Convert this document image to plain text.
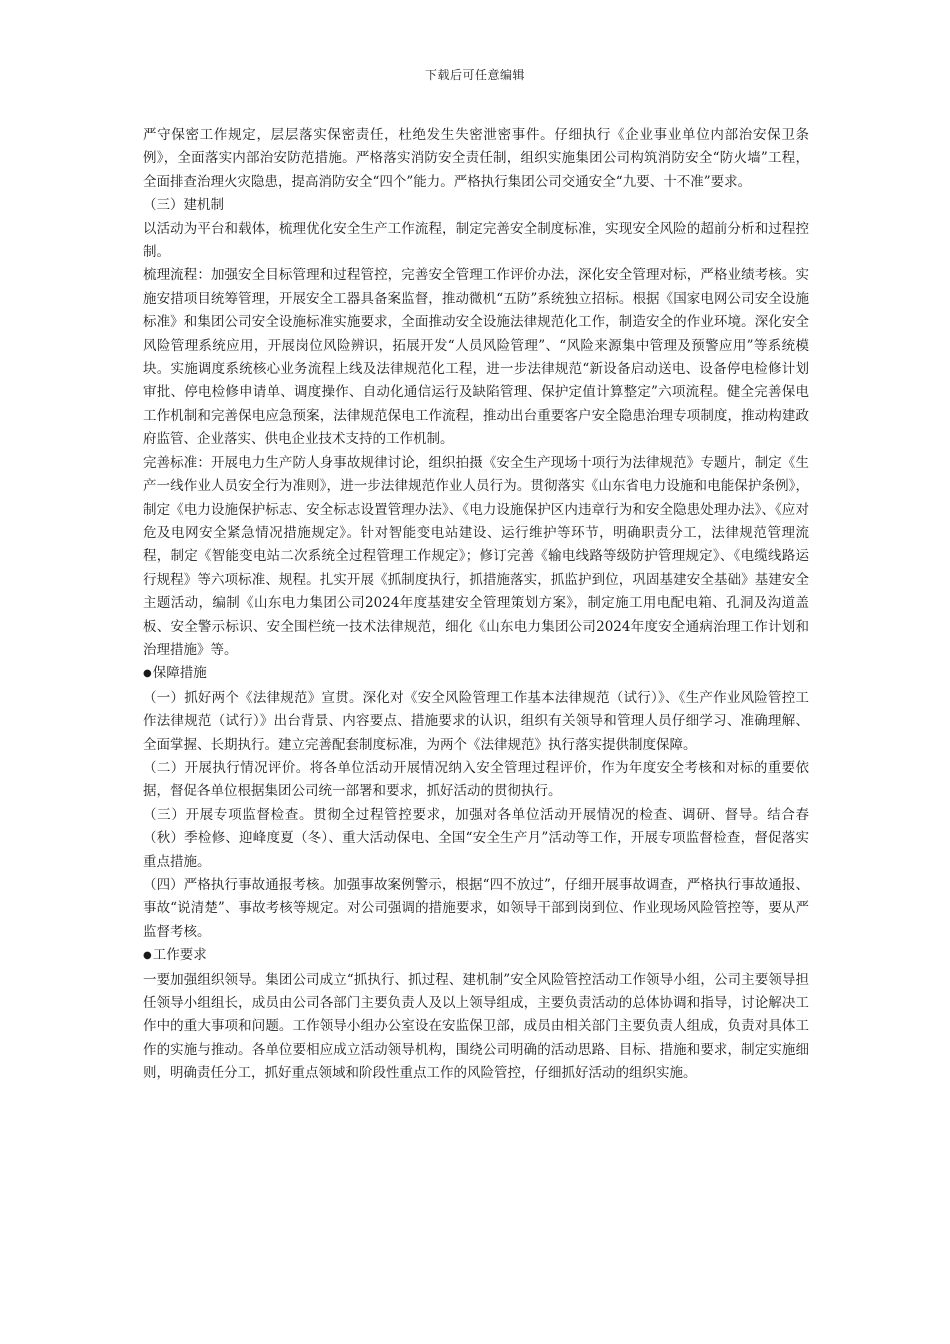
下载后可任意编辑

严守保密工作规定，层层落实保密责任，杜绝发生失密泄密事件。仔细执行《企业事业单位内部治安保卫条例》，全面落实内部治安防范措施。严格落实消防安全责任制，组织实施集团公司构筑消防安全“防火墙”工程，全面排查治理火灾隐患，提高消防安全“四个”能力。严格执行集团公司交通安全“九要、十不准”要求。

（三）建机制

以活动为平台和载体，梳理优化安全生产工作流程，制定完善安全制度标准，实现安全风险的超前分析和过程控制。

梳理流程：加强安全目标管理和过程管控，完善安全管理工作评价办法，深化安全管理对标，严格业绩考核。实施安措项目统筹管理，开展安全工器具备案监督，推动微机“五防”系统独立招标。根据《国家电网公司安全设施标准》和集团公司安全设施标准实施要求，全面推动安全设施法律规范化工作，制造安全的作业环境。深化安全风险管理系统应用，开展岗位风险辨识，拓展开发“人员风险管理”、“风险来源集中管理及预警应用”等系统模块。实施调度系统核心业务流程上线及法律规范化工程，进一步法律规范“新设备启动送电、设备停电检修计划审批、停电检修申请单、调度操作、自动化通信运行及缺陷管理、保护定值计算整定”六项流程。健全完善保电工作机制和完善保电应急预案，法律规范保电工作流程，推动出台重要客户安全隐患治理专项制度，推动构建政府监管、企业落实、供电企业技术支持的工作机制。

完善标准：开展电力生产防人身事故规律讨论，组织拍摄《安全生产现场十项行为法律规范》专题片，制定《生产一线作业人员安全行为准则》，进一步法律规范作业人员行为。贯彻落实《山东省电力设施和电能保护条例》，制定《电力设施保护标志、安全标志设置管理办法》、《电力设施保护区内违章行为和安全隐患处理办法》、《应对危及电网安全紧急情况措施规定》。针对智能变电站建设、运行维护等环节，明确职责分工，法律规范管理流程，制定《智能变电站二次系统全过程管理工作规定》；修订完善《输电线路等级防护管理规定》、《电缆线路运行规程》等六项标准、规程。扎实开展《抓制度执行，抓措施落实，抓监护到位，巩固基建安全基础》基建安全主题活动，编制《山东电力集团公司2024年度基建安全管理策划方案》，制定施工用电配电箱、孔洞及沟道盖板、安全警示标识、安全围栏统一技术法律规范，细化《山东电力集团公司2024年度安全通病治理工作计划和治理措施》等。

● 保障措施

（一）抓好两个《法律规范》宣贯。深化对《安全风险管理工作基本法律规范（试行）》、《生产作业风险管控工作法律规范（试行）》出台背景、内容要点、措施要求的认识，组织有关领导和管理人员仔细学习、准确理解、全面掌握、长期执行。建立完善配套制度标准，为两个《法律规范》执行落实提供制度保障。

（二）开展执行情况评价。将各单位活动开展情况纳入安全管理过程评价，作为年度安全考核和对标的重要依据，督促各单位根据集团公司统一部署和要求，抓好活动的贯彻执行。

（三）开展专项监督检查。贯彻全过程管控要求，加强对各单位活动开展情况的检查、调研、督导。结合春（秋）季检修、迎峰度夏（冬）、重大活动保电、全国“安全生产月”活动等工作，开展专项监督检查，督促落实重点措施。

（四）严格执行事故通报考核。加强事故案例警示，根据“四不放过”，仔细开展事故调查，严格执行事故通报、事故“说清楚”、事故考核等规定。对公司强调的措施要求，如领导干部到岗到位、作业现场风险管控等，要从严监督考核。

● 工作要求

一要加强组织领导。集团公司成立“抓执行、抓过程、建机制”安全风险管控活动工作领导小组，公司主要领导担任领导小组组长，成员由公司各部门主要负责人及以上领导组成，主要负责活动的总体协调和指导，讨论解决工作中的重大事项和问题。工作领导小组办公室设在安监保卫部，成员由相关部门主要负责人组成，负责对具体工作的实施与推动。各单位要相应成立活动领导机构，围绕公司明确的活动思路、目标、措施和要求，制定实施细则，明确责任分工，抓好重点领域和阶段性重点工作的风险管控，仔细抓好活动的组织实施。
